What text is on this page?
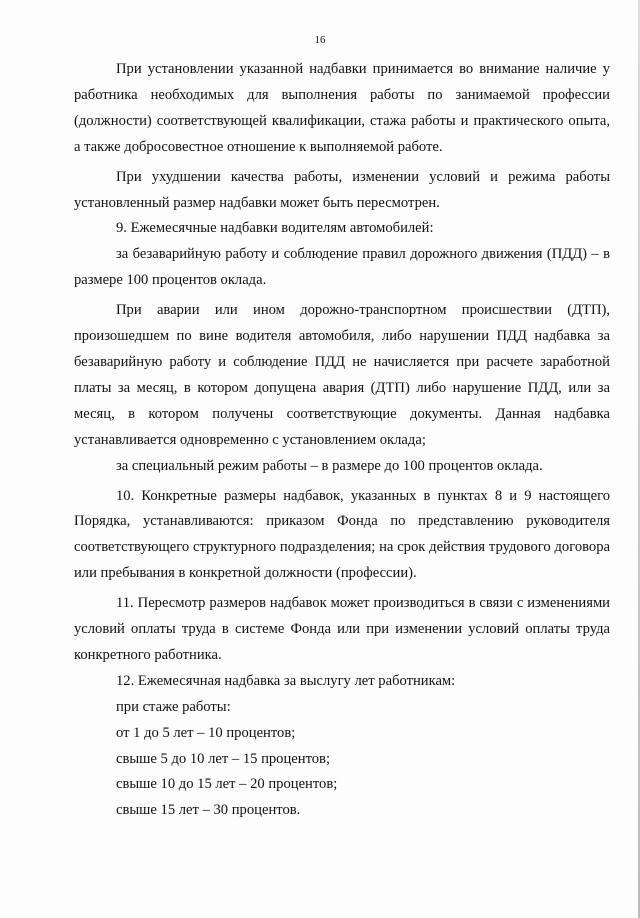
16

При установлении указанной надбавки принимается во внимание наличие у работника необходимых для выполнения работы по занимаемой профессии (должности) соответствующей квалификации, стажа работы и практического опыта, а также добросовестное отношение к выполняемой работе.

При ухудшении качества работы, изменении условий и режима работы установленный размер надбавки может быть пересмотрен.

9. Ежемесячные надбавки водителям автомобилей:

за безаварийную работу и соблюдение правил дорожного движения (ПДД) – в размере 100 процентов оклада.

При аварии или ином дорожно-транспортном происшествии (ДТП), произошедшем по вине водителя автомобиля, либо нарушении ПДД надбавка за безаварийную работу и соблюдение ПДД не начисляется при расчете заработной платы за месяц, в котором допущена авария (ДТП) либо нарушение ПДД, или за месяц, в котором получены соответствующие документы. Данная надбавка устанавливается одновременно с установлением оклада;

за специальный режим работы – в размере до 100 процентов оклада.

10. Конкретные размеры надбавок, указанных в пунктах 8 и 9 настоящего Порядка, устанавливаются: приказом Фонда по представлению руководителя соответствующего структурного подразделения; на срок действия трудового договора или пребывания в конкретной должности (профессии).

11. Пересмотр размеров надбавок может производиться в связи с изменениями условий оплаты труда в системе Фонда или при изменении условий оплаты труда конкретного работника.

12. Ежемесячная надбавка за выслугу лет работникам:

при стаже работы:

от 1 до 5 лет – 10 процентов;

свыше 5 до 10 лет – 15 процентов;

свыше 10 до 15 лет – 20 процентов;

свыше 15 лет – 30 процентов.
